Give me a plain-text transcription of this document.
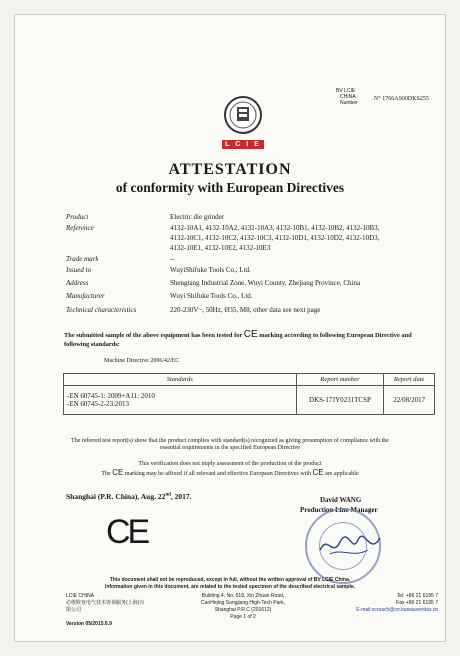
BV LCIE
CHINA
Number
N° 1766AS00DKS255
L C I E
ATTESTATION
of conformity with European Directives
Product	Electric die grinder
Reference	4132-10A1, 4132-10A2, 4132-10A3, 4132-10B1, 4132-10B2, 4132-10B3,
4132-10C1, 4132-10C2, 4132-10C3, 4132-10D1, 4132-10D2, 4132-10D3,
4132-10E1, 4132-10E2, 4132-10E3
Trade mark	--
Issued to	WuyiShifuke Tools Co., Ltd.
Address	Shengtang Industrial Zone, Wuyi County, Zhejiang Province, China
Manufacturer	Wuyi Shifuke Tools Co., Ltd.
Technical characteristics	220-230V~, 50Hz, Ø35, M8, other data see next page
The submitted sample of the above equipment has been tested for CE marking according to following European Directive and following standards:
Machine Directive 2006/42/EC
Standards	Report number	Report date

-EN 60745-1: 2009+A11: 2010
-EN 60745-2-23:2013	DKS-17JY0231TCSP	22/08/2017
The referred test report(s) show that the product complies with standard(s) recognized as giving presumption of compliance with the essential requirements in the specified European Directive
This verification does not imply assessment of the production of the product
The CE marking may be affixed if all relevant and effective European Directives with CE are applicable
Shanghai (P.R. China), Aug. 22nd, 2017.	David WANG
Production Line Manager
CE
This document shall not be reproduced, except in full, without the written approval of BV LCIE China.
Information given in this document, are related to the tested specimen of the described electrical sample.
LCIE CHINA
必维欧亚电气技术咨询服务(上海)有
限公司
Building 4, No. 518, Xin Zhuan Road,
CaoHejing Songjiang High-Tech Park,
Shanghai P.R.C (201612)
Page 1 of 2
Tel. +86 21 6195 7
Fax +86 21 6195 7
E-mail:ccreach@cn.bureauveritas.co
Version 05/2015.6.9
